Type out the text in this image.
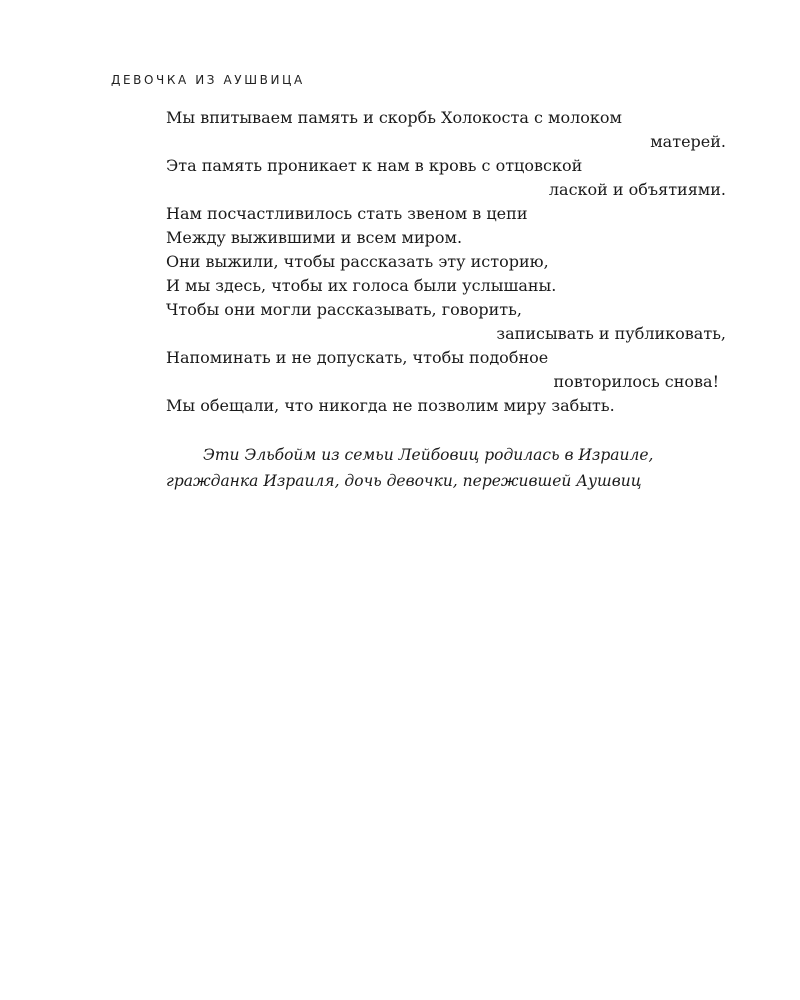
ДЕВОЧКА ИЗ АУШВИЦА
Мы впитываем память и скорбь Холокоста с молоком
матерей.
Эта память проникает к нам в кровь с отцовской
лаской и объятиями.
Нам посчастливилось стать звеном в цепи
Между выжившими и всем миром.
Они выжили, чтобы рассказать эту историю,
И мы здесь, чтобы их голоса были услышаны.
Чтобы они могли рассказывать, говорить,
записывать и публиковать,
Напоминать и не допускать, чтобы подобное
повторилось снова!
Мы обещали, что никогда не позволим миру забыть.
Эти Эльбойм из семьи Лейбовиц родилась в Израиле,
гражданка Израиля, дочь девочки, пережившей Аушвиц
